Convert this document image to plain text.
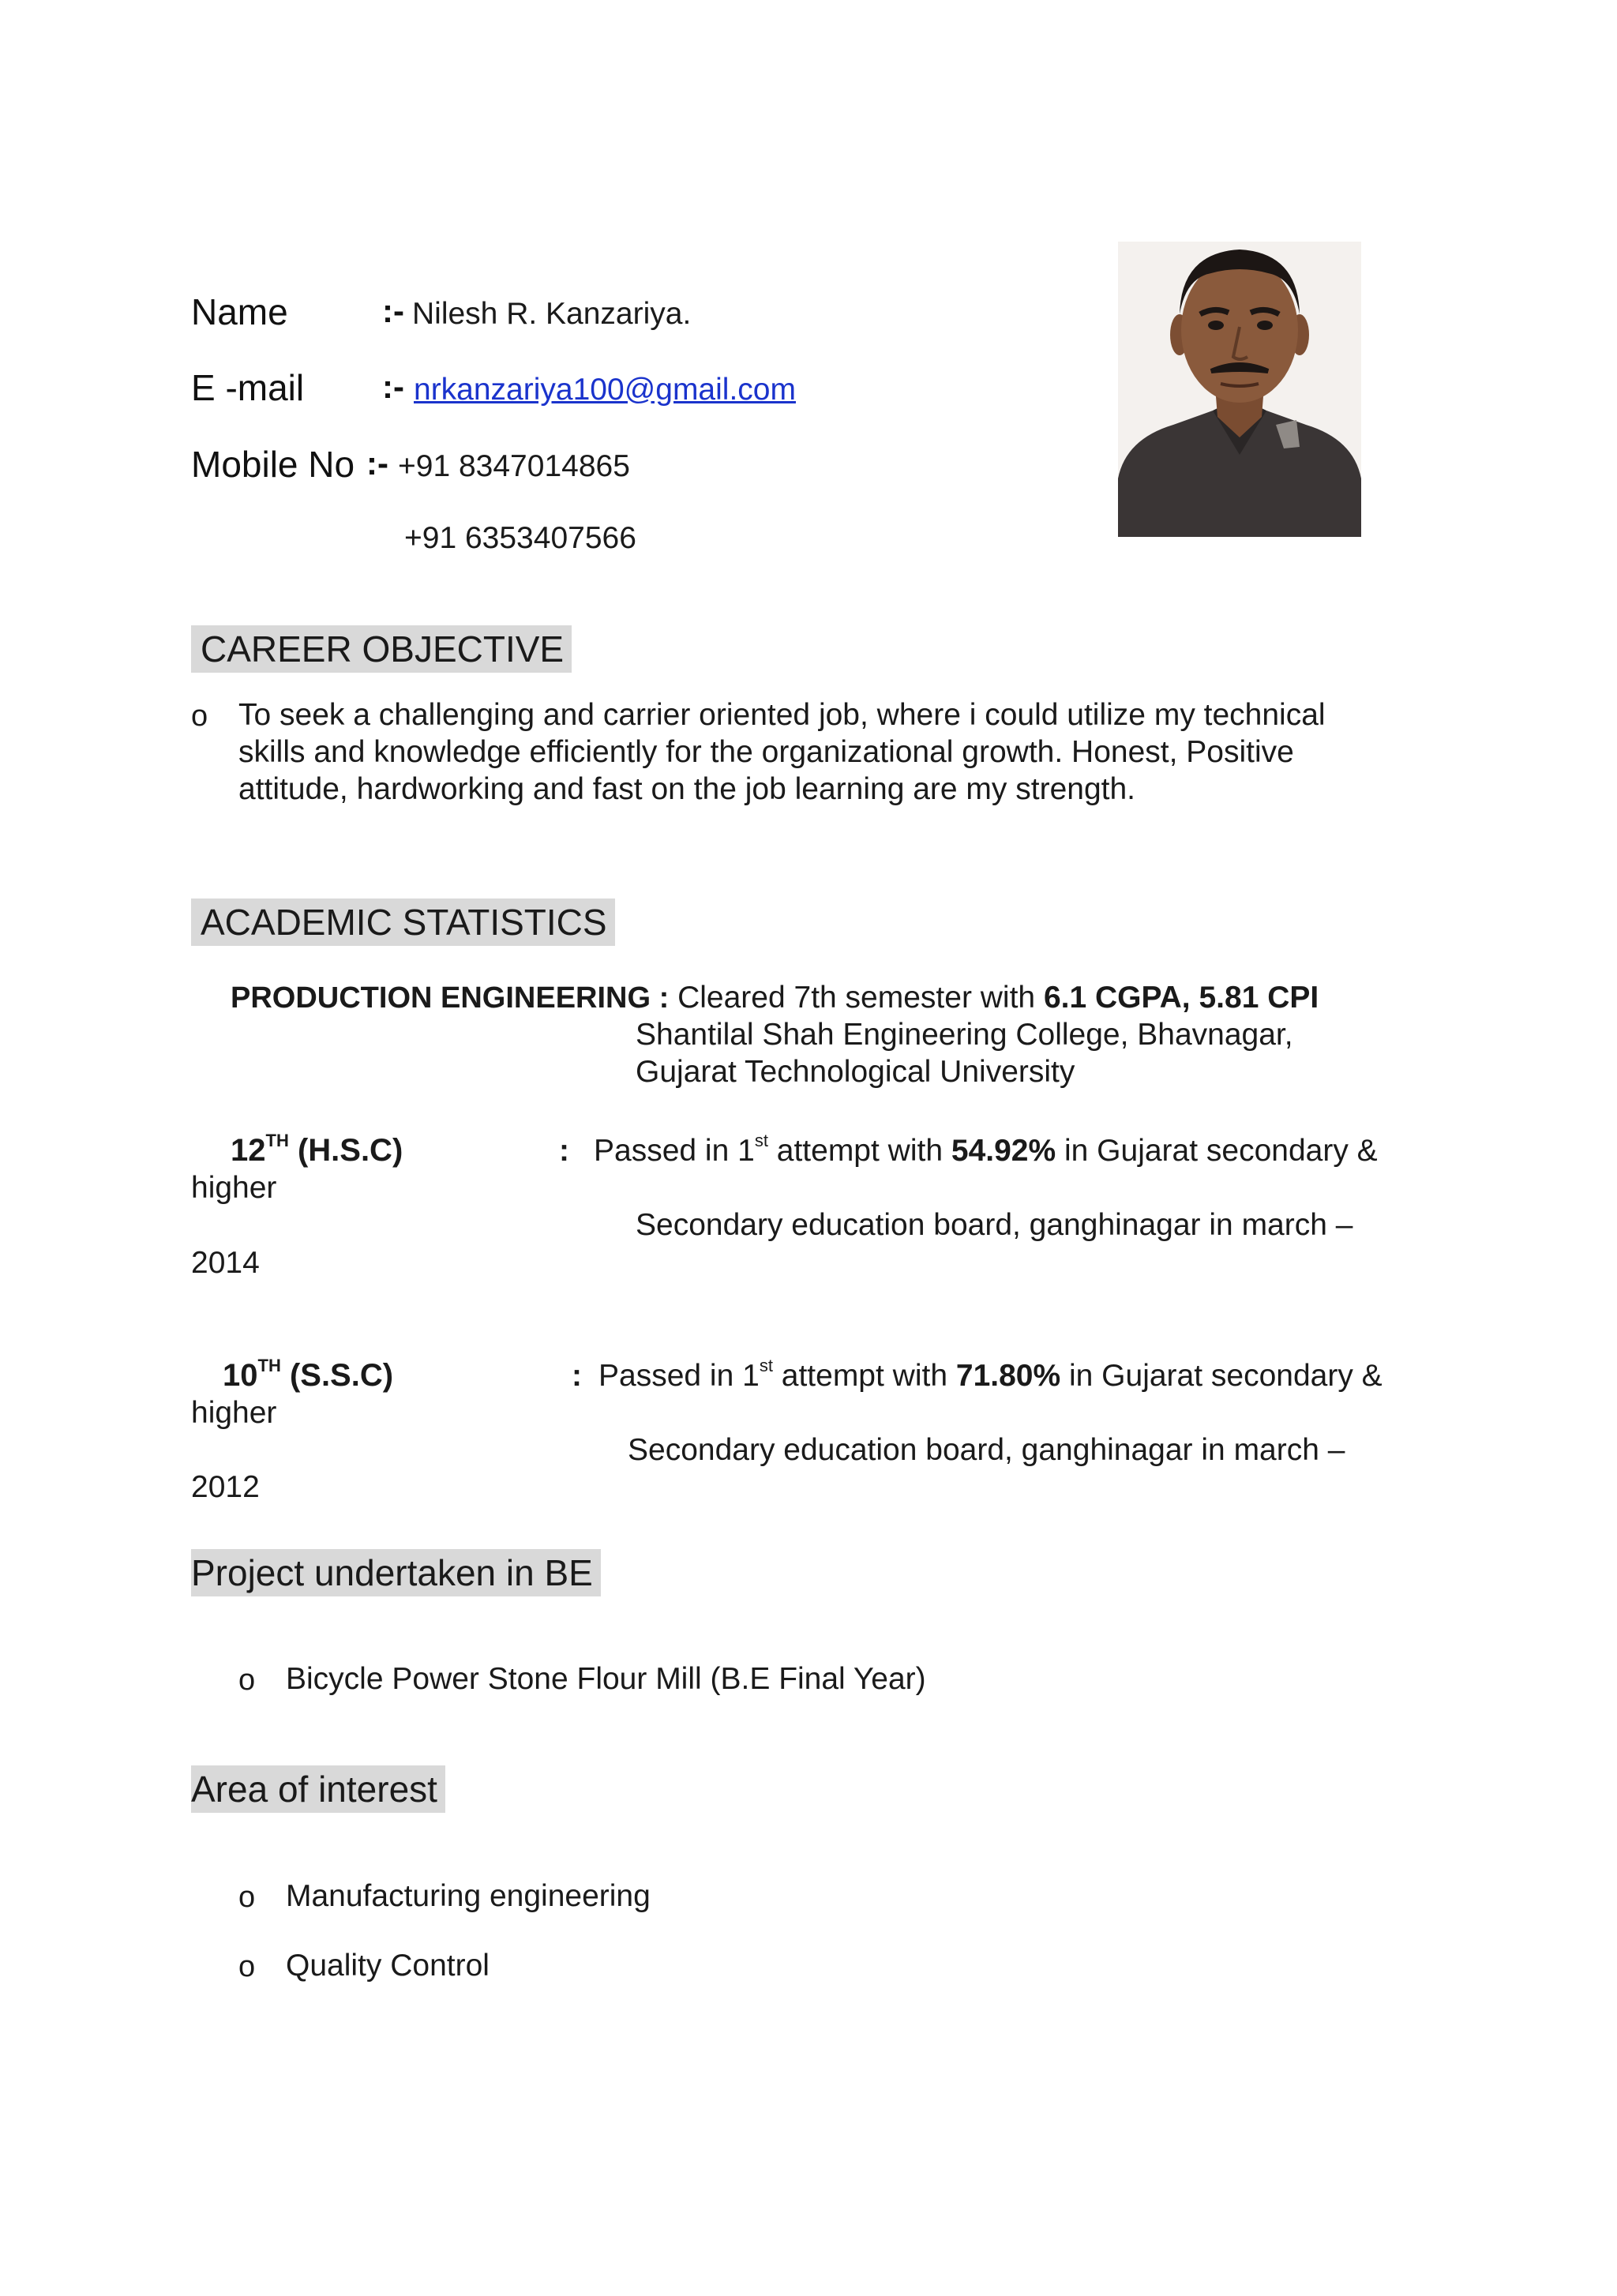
Name	:- Nilesh R. Kanzariya.
E -mail :- nrkanzariya100@gmail.com
Mobile No :- +91 8347014865
+91 6353407566
CAREER OBJECTIVE
o To seek a challenging and carrier oriented job, where i could utilize my technical
skills and knowledge efficiently for the organizational growth. Honest, Positive
attitude, hardworking and fast on the job learning are my strength.
ACADEMIC STATISTICS
PRODUCTION ENGINEERING : Cleared 7th semester with 6.1 CGPA, 5.81 CPI
Shantilal Shah Engineering College, Bhavnagar,
Gujarat Technological University
12TH (H.S.C)	: Passed in 1st attempt with 54.92% in Gujarat secondary &
higher
Secondary education board, ganghinagar in march –
2014
10TH (S.S.C)	: Passed in 1st attempt with 71.80% in Gujarat secondary &
higher
Secondary education board, ganghinagar in march –
2012
Project undertaken in BE
o Bicycle Power Stone Flour Mill (B.E Final Year)
Area of interest
o Manufacturing engineering
o Quality Control
